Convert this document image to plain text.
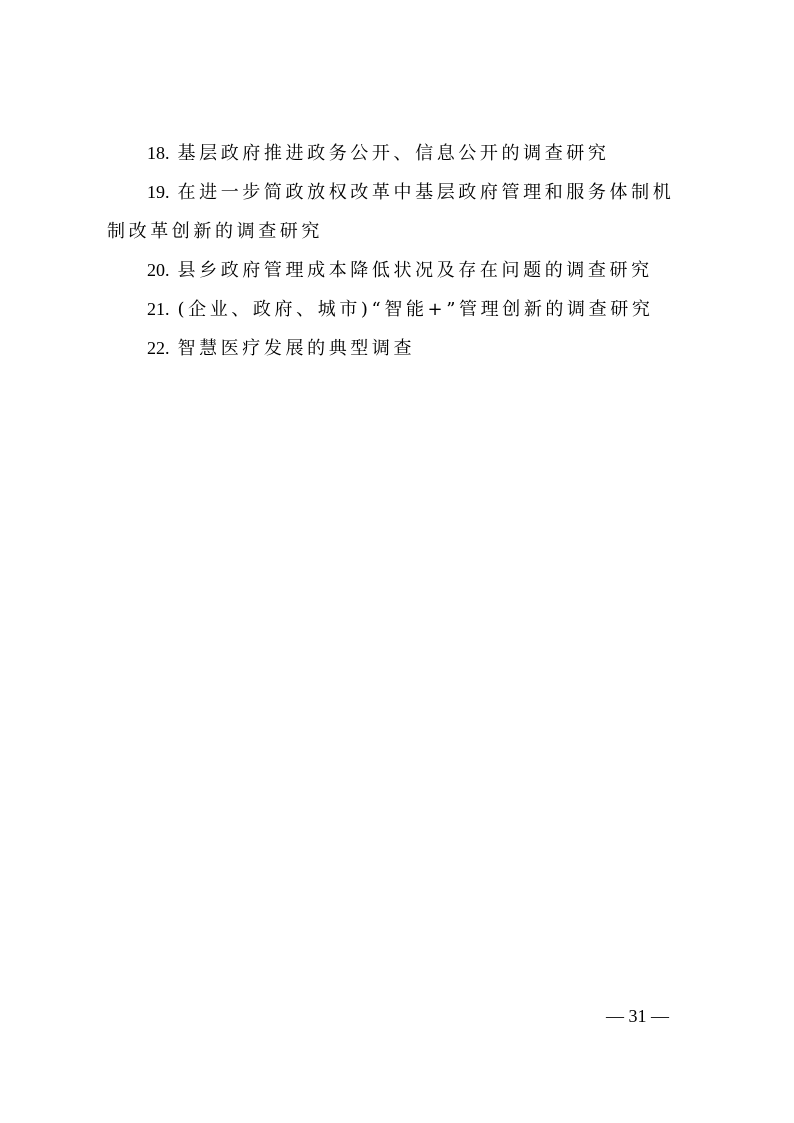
18. 基层政府推进政务公开、信息公开的调查研究

19. 在进一步简政放权改革中基层政府管理和服务体制机制改革创新的调查研究

20. 县乡政府管理成本降低状况及存在问题的调查研究

21. (企业、政府、城市)“智能+”管理创新的调查研究

22. 智慧医疗发展的典型调查

— 31 —
